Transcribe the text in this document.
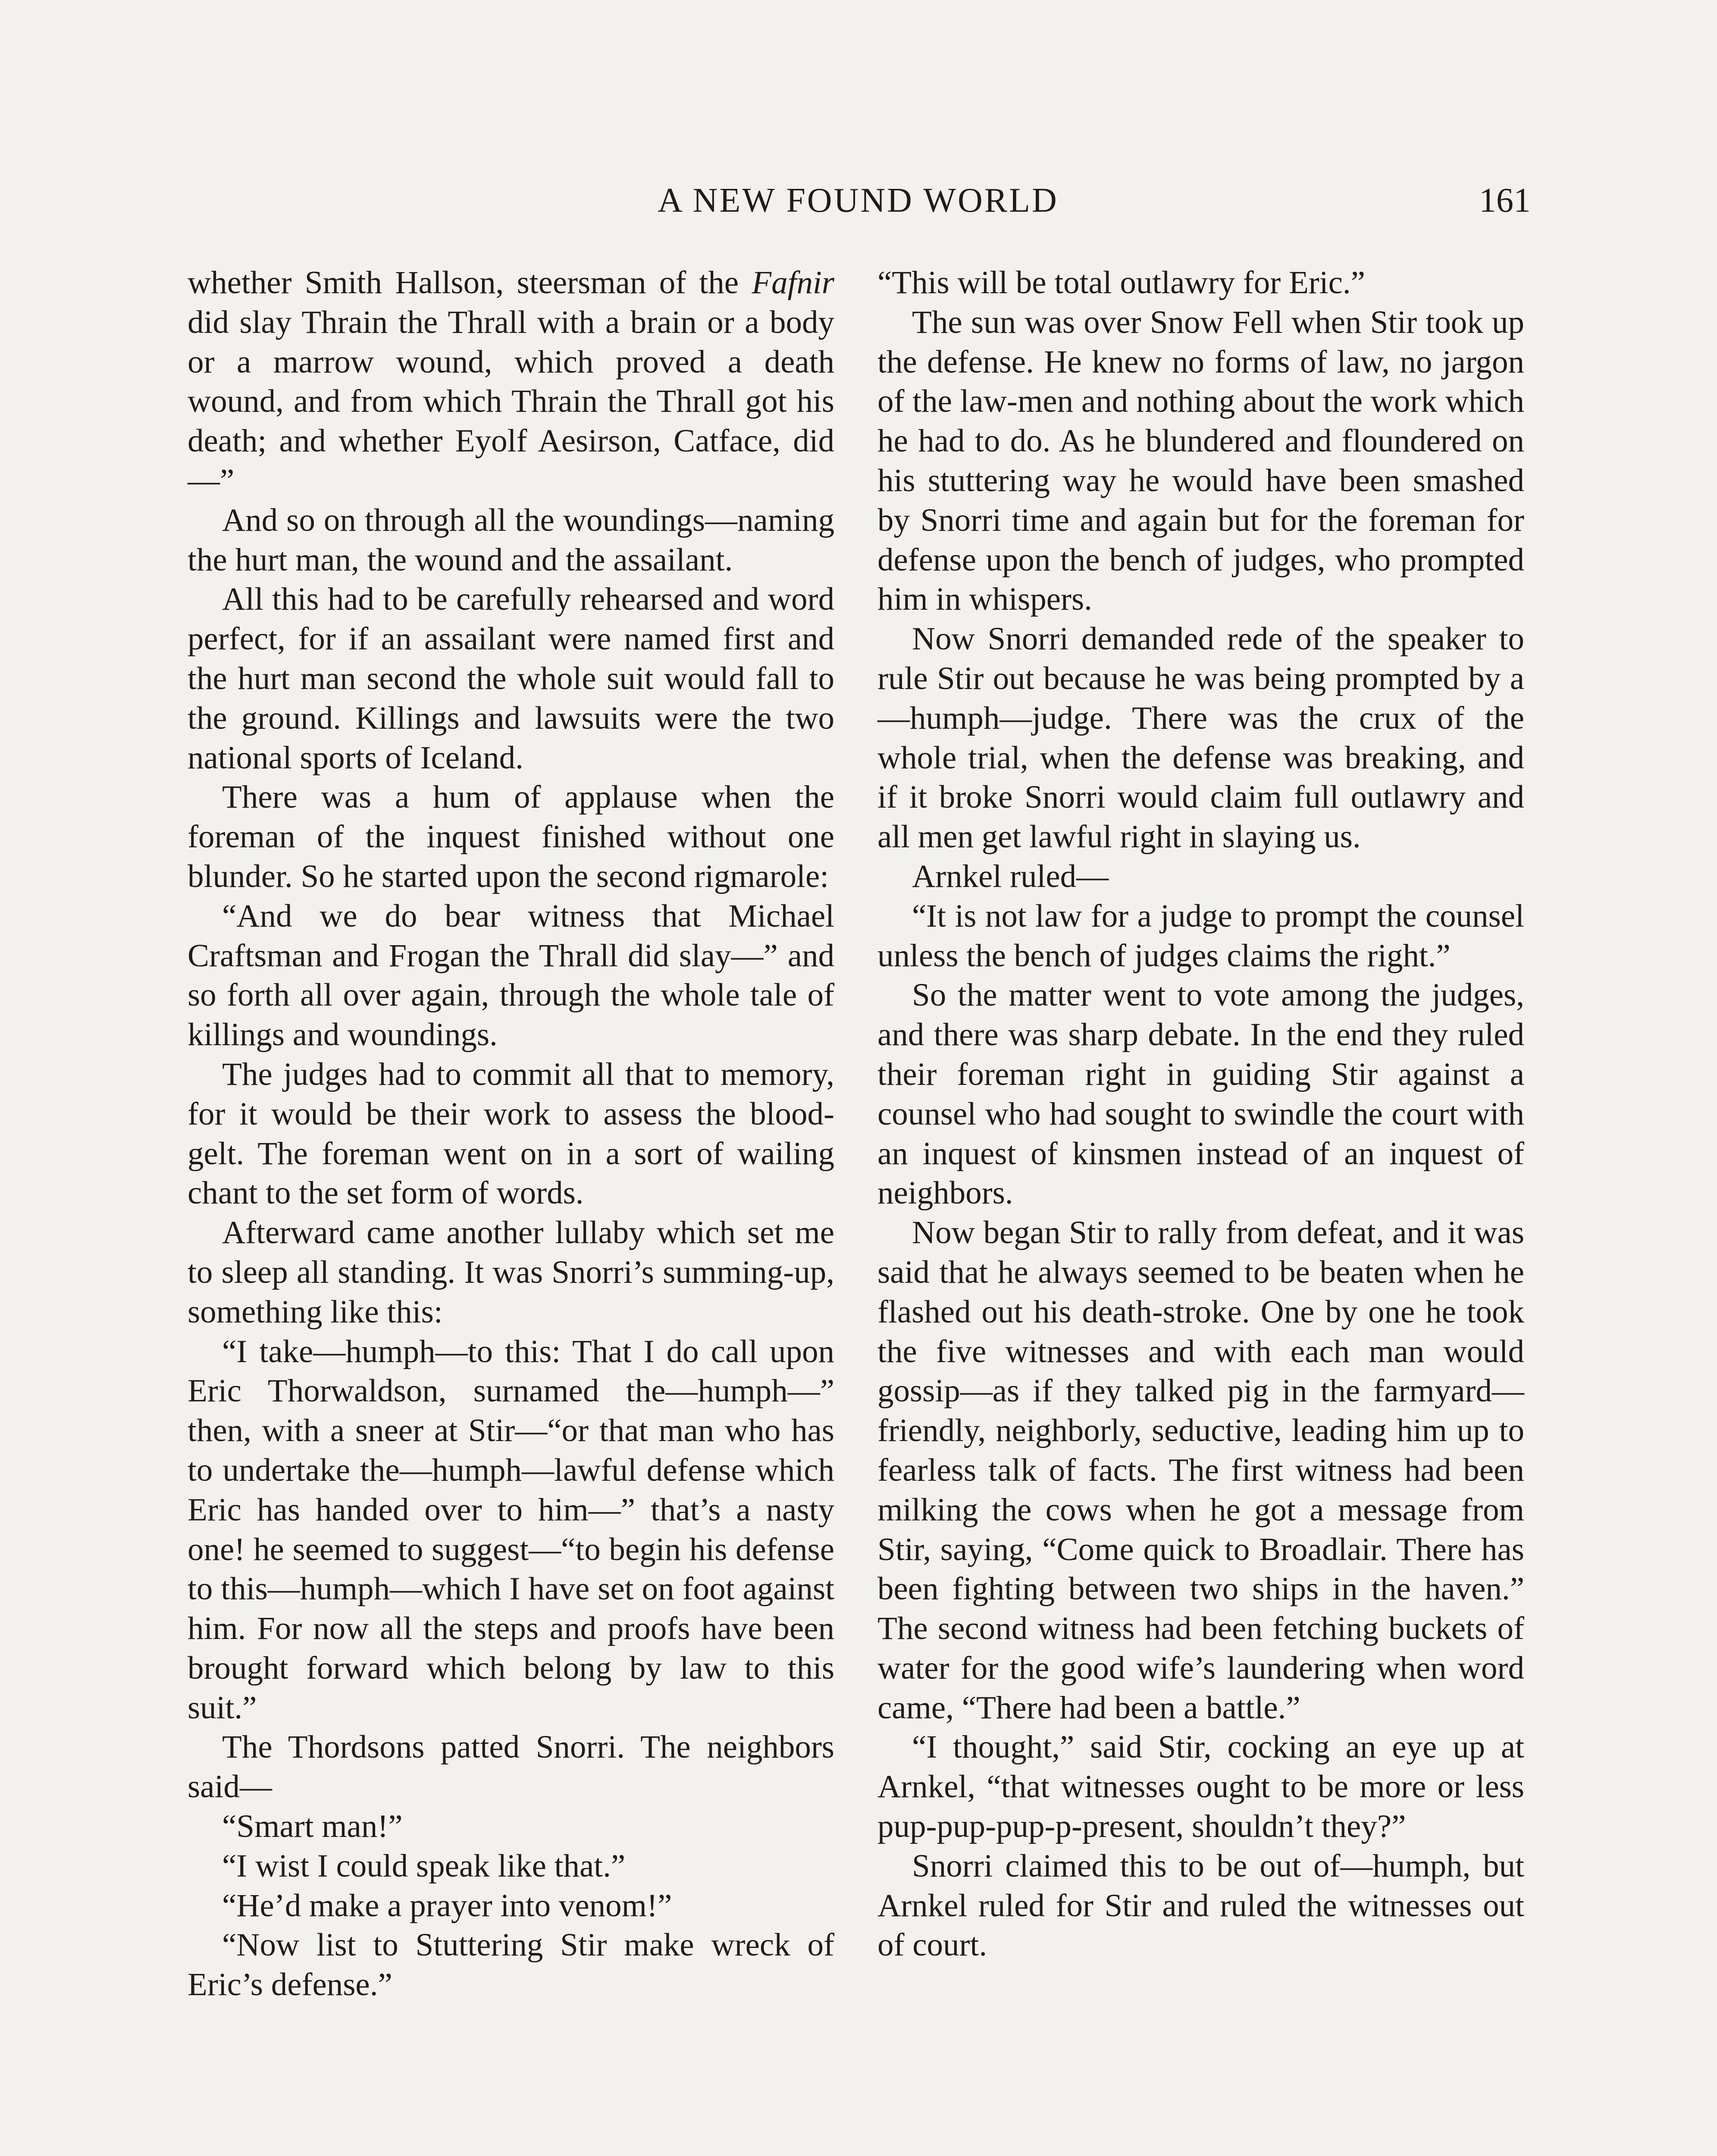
A NEW FOUND WORLD	161

whether Smith Hallson, steersman of the Fafnir did slay Thrain the Thrall with a brain or a body or a marrow wound, which proved a death wound, and from which Thrain the Thrall got his death; and whether Eyolf Aesirson, Catface, did—”

And so on through all the woundings—naming the hurt man, the wound and the assailant.

All this had to be carefully rehearsed and word perfect, for if an assailant were named first and the hurt man second the whole suit would fall to the ground. Killings and lawsuits were the two national sports of Iceland.

There was a hum of applause when the foreman of the inquest finished without one blunder. So he started upon the second rigmarole:

“And we do bear witness that Michael Craftsman and Frogan the Thrall did slay—” and so forth all over again, through the whole tale of killings and woundings.

The judges had to commit all that to memory, for it would be their work to assess the blood-gelt. The foreman went on in a sort of wailing chant to the set form of words.

Afterward came another lullaby which set me to sleep all standing. It was Snorri’s summing-up, something like this:

“I take—humph—to this: That I do call upon Eric Thorwaldson, surnamed the—humph—” then, with a sneer at Stir—“or that man who has to undertake the—humph—lawful defense which Eric has handed over to him—” that’s a nasty one! he seemed to suggest—“to begin his defense to this—humph—which I have set on foot against him. For now all the steps and proofs have been brought forward which belong by law to this suit.”

The Thordsons patted Snorri. The neighbors said—

“Smart man!”

“I wist I could speak like that.”

“He’d make a prayer into venom!”

“Now list to Stuttering Stir make wreck of Eric’s defense.”

“This will be total outlawry for Eric.”

The sun was over Snow Fell when Stir took up the defense. He knew no forms of law, no jargon of the law-men and nothing about the work which he had to do. As he blundered and floundered on his stuttering way he would have been smashed by Snorri time and again but for the foreman for defense upon the bench of judges, who prompted him in whispers.

Now Snorri demanded rede of the speaker to rule Stir out because he was being prompted by a—humph—judge. There was the crux of the whole trial, when the defense was breaking, and if it broke Snorri would claim full outlawry and all men get lawful right in slaying us.

Arnkel ruled—

“It is not law for a judge to prompt the counsel unless the bench of judges claims the right.”

So the matter went to vote among the judges, and there was sharp debate. In the end they ruled their foreman right in guiding Stir against a counsel who had sought to swindle the court with an inquest of kinsmen instead of an inquest of neighbors.

Now began Stir to rally from defeat, and it was said that he always seemed to be beaten when he flashed out his death-stroke. One by one he took the five witnesses and with each man would gossip—as if they talked pig in the farmyard—friendly, neighborly, seductive, leading him up to fearless talk of facts. The first witness had been milking the cows when he got a message from Stir, saying, “Come quick to Broadlair. There has been fighting between two ships in the haven.” The second witness had been fetching buckets of water for the good wife’s laundering when word came, “There had been a battle.”

“I thought,” said Stir, cocking an eye up at Arnkel, “that witnesses ought to be more or less pup-pup-pup-p-present, shouldn’t they?”

Snorri claimed this to be out of—humph, but Arnkel ruled for Stir and ruled the witnesses out of court.
